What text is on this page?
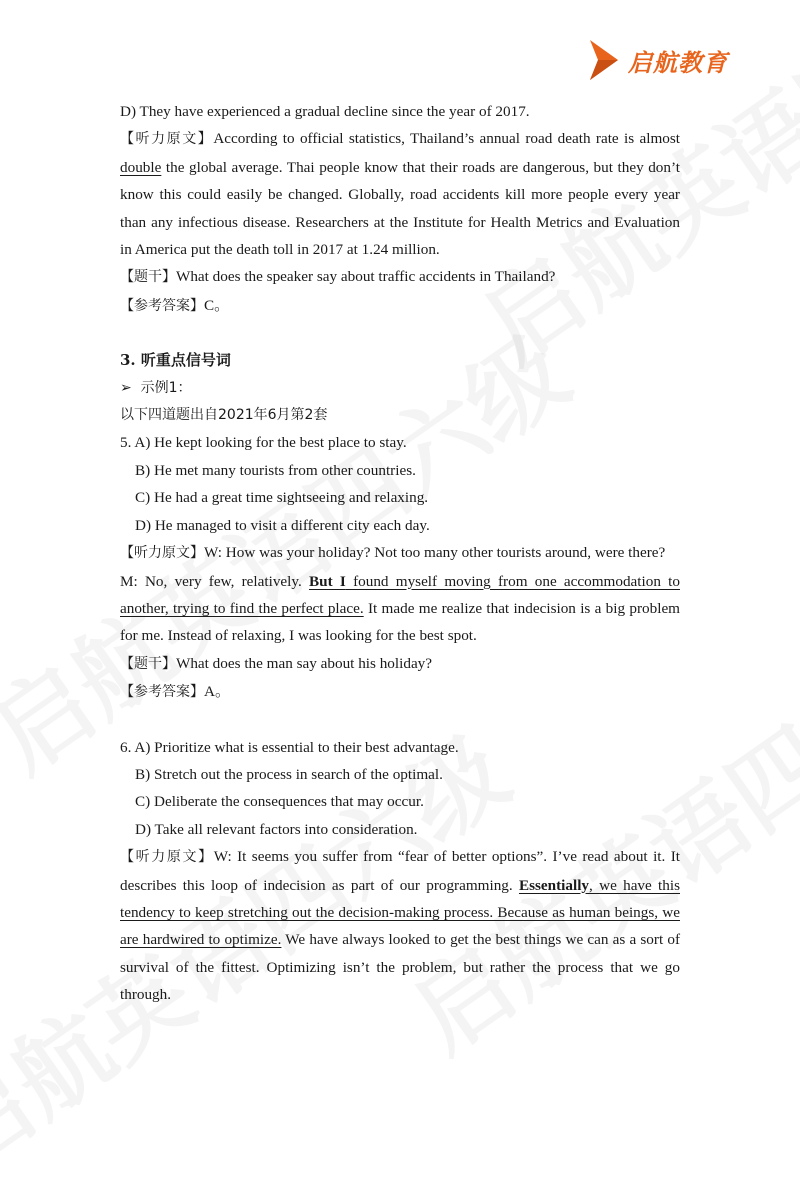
启航教育

D) They have experienced a gradual decline since the year of 2017.

【听力原文】According to official statistics, Thailand’s annual road death rate is almost double the global average. Thai people know that their roads are dangerous, but they don’t know this could easily be changed. Globally, road accidents kill more people every year than any infectious disease. Researchers at the Institute for Health Metrics and Evaluation in America put the death toll in 2017 at 1.24 million.

【题干】What does the speaker say about traffic accidents in Thailand?

【参考答案】C。

3. 听重点信号词

➢ 示例1：

以下四道题出自2021年6月第2套

5. A) He kept looking for the best place to stay.

B) He met many tourists from other countries.

C) He had a great time sightseeing and relaxing.

D) He managed to visit a different city each day.

【听力原文】W: How was your holiday? Not too many other tourists around, were there?

M: No, very few, relatively. But I found myself moving from one accommodation to another, trying to find the perfect place. It made me realize that indecision is a big problem for me. Instead of relaxing, I was looking for the best spot.

【题干】What does the man say about his holiday?

【参考答案】A。

6. A) Prioritize what is essential to their best advantage.

B) Stretch out the process in search of the optimal.

C) Deliberate the consequences that may occur.

D) Take all relevant factors into consideration.

【听力原文】W: It seems you suffer from “fear of better options”. I’ve read about it. It describes this loop of indecision as part of our programming. Essentially, we have this tendency to keep stretching out the decision-making process. Because as human beings, we are hardwired to optimize. We have always looked to get the best things we can as a sort of survival of the fittest. Optimizing isn’t the problem, but rather the process that we go through.
